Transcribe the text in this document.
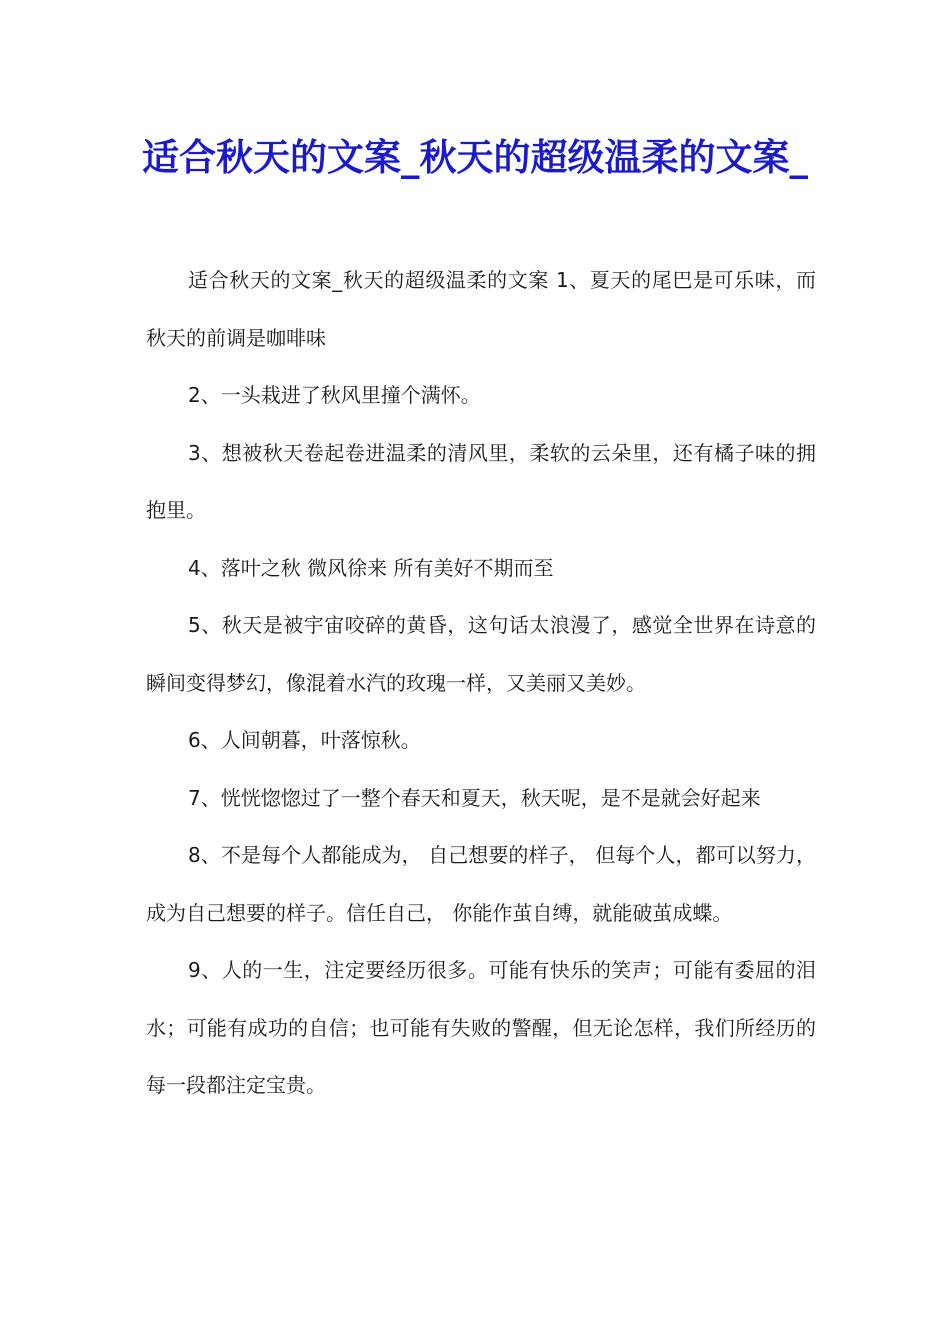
适合秋天的文案_秋天的超级温柔的文案_

适合秋天的文案_秋天的超级温柔的文案 1、夏天的尾巴是可乐味，而秋天的前调是咖啡味

2、一头栽进了秋风里撞个满怀。

3、想被秋天卷起卷进温柔的清风里，柔软的云朵里，还有橘子味的拥抱里。

4、落叶之秋 微风徐来 所有美好不期而至

5、秋天是被宇宙咬碎的黄昏，这句话太浪漫了，感觉全世界在诗意的瞬间变得梦幻，像混着水汽的玫瑰一样，又美丽又美妙。

6、人间朝暮，叶落惊秋。

7、恍恍惚惚过了一整个春天和夏天，秋天呢，是不是就会好起来

8、不是每个人都能成为， 自己想要的样子， 但每个人，都可以努力， 成为自己想要的样子。信任自己， 你能作茧自缚，就能破茧成蝶。

9、人的一生，注定要经历很多。可能有快乐的笑声；可能有委屈的泪水；可能有成功的自信；也可能有失败的警醒，但无论怎样，我们所经历的每一段都注定宝贵。
